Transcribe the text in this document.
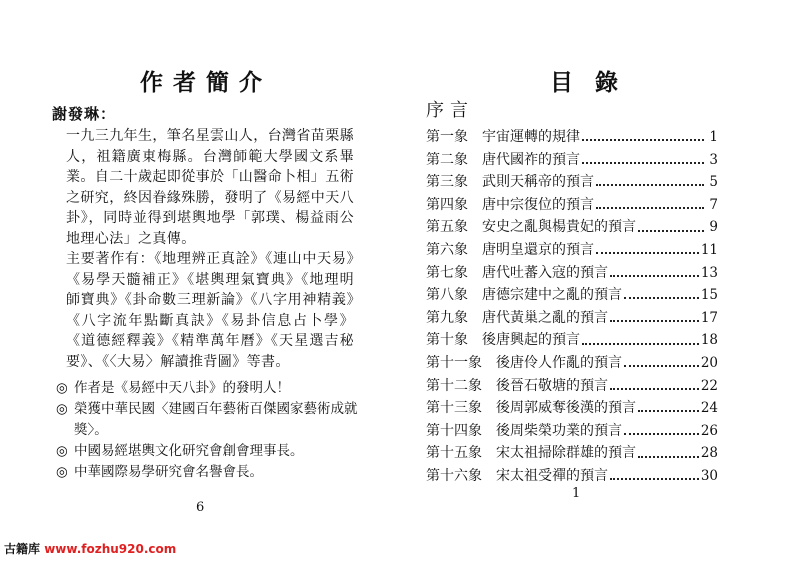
作者簡介
謝發琳：

一九三九年生，筆名星雲山人，台灣省苗栗縣人，祖籍廣東梅縣。台灣師範大學國文系畢業。自二十歲起即從事於「山醫命卜相」五術之研究，終因眷緣殊勝，發明了《易經中天八卦》，同時並得到堪輿地學「郭璞、楊益雨公地理心法」之真傳。

主要著作有：《地理辨正真詮》《連山中天易》《易學天髓補正》《堪輿理氣寶典》《地理明師寶典》《卦命數三理新論》《八字用神精義》《八字流年點斷真訣》《易卦信息占卜學》《道德經釋義》《精準萬年曆》《天星選吉秘要》、《〈大易〉解讀推背圖》等書。

◎ 作者是《易經中天八卦》的發明人！

◎ 榮獲中華民國〈建國百年藝術百傑國家藝術成就獎〉。

◎ 中國易經堪輿文化研究會創會理事長。

◎ 中華國際易學研究會名譽會長。

6
目錄
序言
第一象 宇宙運轉的規律	1
第二象 唐代國祚的預言	3
第三象 武則天稱帝的預言	5
第四象 唐中宗復位的預言	7
第五象 安史之亂與楊貴妃的預言	9
第六象 唐明皇還京的預言	11
第七象 唐代吐蕃入寇的預言	13
第八象 唐德宗建中之亂的預言	15
第九象 唐代黃巢之亂的預言	17
第十象 後唐興起的預言	18
第十一象 後唐伶人作亂的預言	20
第十二象 後晉石敬塘的預言	22
第十三象 後周郭威奪後漢的預言	24
第十四象 後周柴榮功業的預言	26
第十五象 宋太祖掃除群雄的預言	28
第十六象 宋太祖受禪的預言	30
1
古籍库 www.fozhu920.com
